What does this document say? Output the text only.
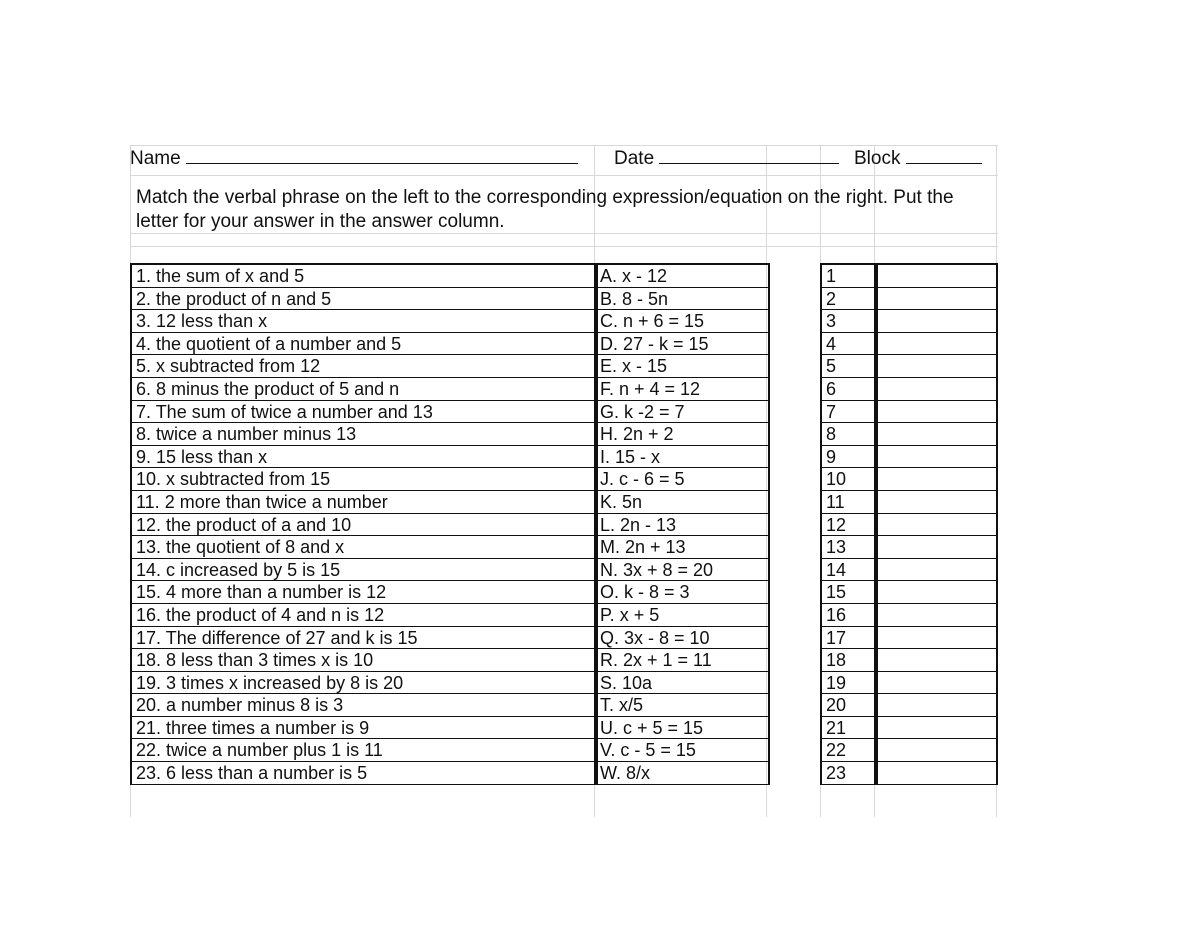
Name	Date	Block
Match the verbal phrase on the left to the corresponding expression/equation on the right. Put the letter for your answer in the answer column.
1. the sum of x and 5
2. the product of n and 5
3. 12 less than x
4. the quotient of a number and 5
5. x subtracted from 12
6. 8 minus the product of 5 and n
7. The sum of twice a number and 13
8. twice a number minus 13
9. 15 less than x
10. x subtracted from 15
11. 2 more than twice a number
12. the product of a and 10
13. the quotient of 8 and x
14. c increased by 5 is 15
15. 4 more than a number is 12
16. the product of 4 and n is 12
17. The difference of 27 and k is 15
18. 8 less than 3 times x is 10
19. 3 times x increased by 8 is 20
20. a number minus 8 is 3
21. three times a number is 9
22. twice a number plus 1 is 11
23. 6 less than a number is 5
A. x - 12
B. 8 - 5n
C. n + 6 = 15
D. 27 - k = 15
E. x - 15
F. n + 4 = 12
G. k -2 = 7
H. 2n + 2
I. 15 - x
J. c - 6 = 5
K. 5n
L. 2n - 13
M. 2n + 13
N. 3x + 8 = 20
O. k - 8 = 3
P. x + 5
Q. 3x - 8 = 10
R. 2x + 1 = 11
S. 10a
T. x/5
U. c + 5 = 15
V. c - 5 = 15
W. 8/x
1
2
3
4
5
6
7
8
9
10
11
12
13
14
15
16
17
18
19
20
21
22
23
